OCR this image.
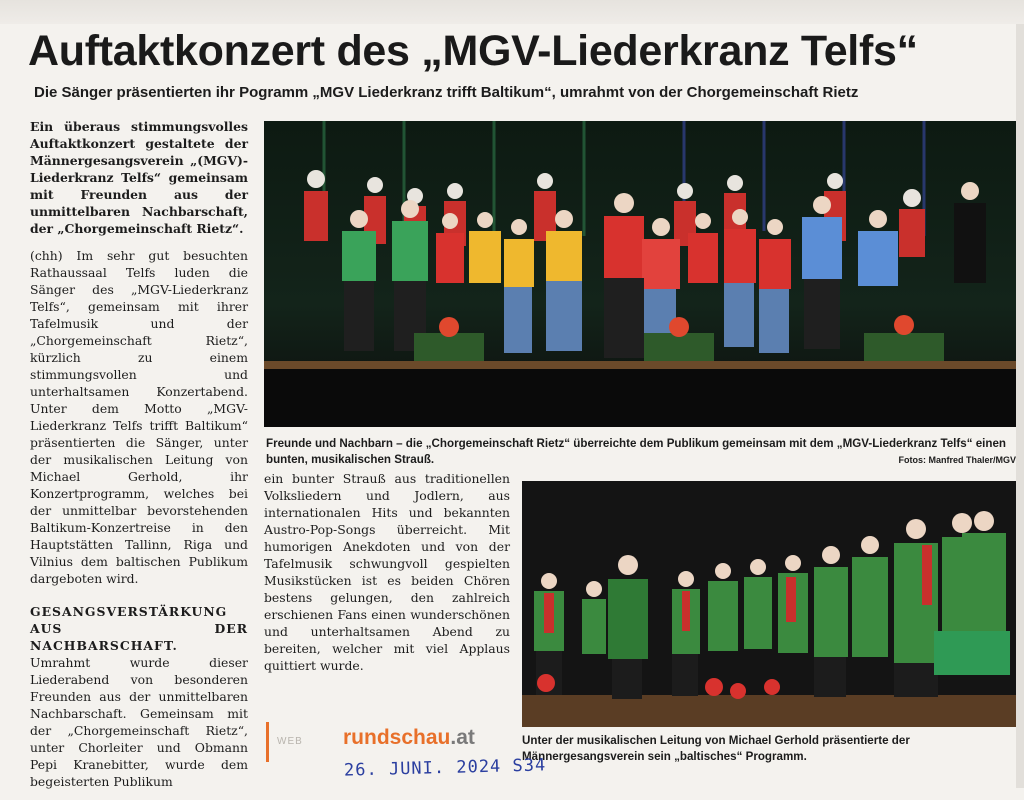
Auftaktkonzert des „MGV-Liederkranz Telfs“
Die Sänger präsentierten ihr Pogramm „MGV Liederkranz trifft Baltikum“, umrahmt von der Chorgemeinschaft Rietz

Ein überaus stimmungsvolles Auftaktkonzert gestaltete der Männergesangsverein „(MGV)-Liederkranz Telfs“ gemeinsam mit Freunden aus der unmittelbaren Nachbarschaft, der „Chorgemeinschaft Rietz“.

(chh) Im sehr gut besuchten Rathaussaal Telfs luden die Sänger des „MGV-Liederkranz Telfs“, gemeinsam mit ihrer Tafelmusik und der „Chorgemeinschaft Rietz“, kürzlich zu einem stimmungsvollen und unterhaltsamen Konzertabend. Unter dem Motto „MGV-Liederkranz Telfs trifft Baltikum“ präsentierten die Sänger, unter der musikalischen Leitung von Michael Gerhold, ihr Konzertprogramm, welches bei der unmittelbar bevorstehenden Baltikum-Konzertreise in den Hauptstätten Tallinn, Riga und Vilnius dem baltischen Publikum dargeboten wird.

GESANGSVERSTÄRKUNG AUS DER NACHBARSCHAFT.

Umrahmt wurde dieser Liederabend von besonderen Freunden aus der unmittelbaren Nachbarschaft. Gemeinsam mit der „Chorgemeinschaft Rietz“, unter Chorleiter und Obmann Pepi Kranebitter, wurde dem begeisterten Publikum

Freunde und Nachbarn – die „Chorgemeinschaft Rietz“ überreichte dem Publikum gemeinsam mit dem „MGV-Liederkranz Telfs“ einen bunten, musikalischen Strauß.	Fotos: Manfred Thaler/MGV

ein bunter Strauß aus traditionellen Volksliedern und Jodlern, aus internationalen Hits und bekannten Austro-Pop-Songs überreicht. Mit humorigen Anekdoten und von der Tafelmusik schwungvoll gespielten Musikstücken ist es beiden Chören bestens gelungen, den zahlreich erschienen Fans einen wunderschönen und unterhaltsamen Abend zu bereiten, welcher mit viel Applaus quittiert wurde.

Unter der musikalischen Leitung von Michael Gerhold präsentierte der Männergesangsverein sein „baltisches“ Programm.
WEB rundschau.at
26. JUNI. 2024 S34
